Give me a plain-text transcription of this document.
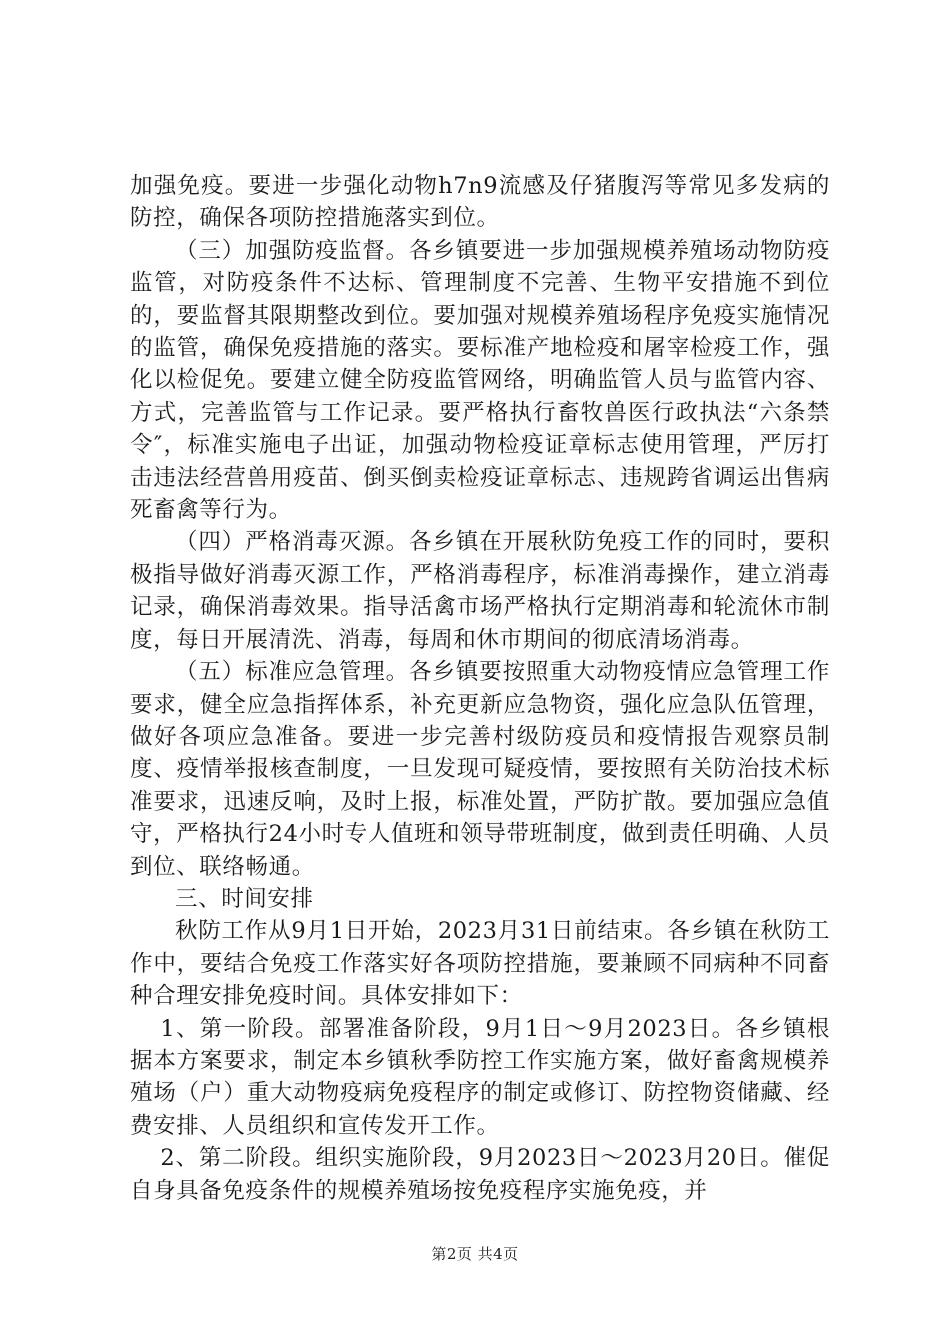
加强免疫。要进一步强化动物h7n9流感及仔猪腹泻等常见多发病的防控，确保各项防控措施落实到位。

（三）加强防疫监督。各乡镇要进一步加强规模养殖场动物防疫监管，对防疫条件不达标、管理制度不完善、生物平安措施不到位的，要监督其限期整改到位。要加强对规模养殖场程序免疫实施情况的监管，确保免疫措施的落实。要标准产地检疫和屠宰检疫工作，强化以检促免。要建立健全防疫监管网络，明确监管人员与监管内容、方式，完善监管与工作记录。要严格执行畜牧兽医行政执法“六条禁令″，标准实施电子出证，加强动物检疫证章标志使用管理，严厉打击违法经营兽用疫苗、倒买倒卖检疫证章标志、违规跨省调运出售病死畜禽等行为。

（四）严格消毒灭源。各乡镇在开展秋防免疫工作的同时，要积极指导做好消毒灭源工作，严格消毒程序，标准消毒操作，建立消毒记录，确保消毒效果。指导活禽市场严格执行定期消毒和轮流休市制度，每日开展清洗、消毒，每周和休市期间的彻底清场消毒。

（五）标准应急管理。各乡镇要按照重大动物疫情应急管理工作要求，健全应急指挥体系，补充更新应急物资，强化应急队伍管理，做好各项应急准备。要进一步完善村级防疫员和疫情报告观察员制度、疫情举报核查制度，一旦发现可疑疫情，要按照有关防治技术标准要求，迅速反响，及时上报，标准处置，严防扩散。要加强应急值守，严格执行24小时专人值班和领导带班制度，做到责任明确、人员到位、联络畅通。

三、时间安排

秋防工作从9月1日开始，2023月31日前结束。各乡镇在秋防工作中，要结合免疫工作落实好各项防控措施，要兼顾不同病种不同畜种合理安排免疫时间。具体安排如下：

1、第一阶段。部署准备阶段，9月1日～9月2023日。各乡镇根据本方案要求，制定本乡镇秋季防控工作实施方案，做好畜禽规模养殖场（户）重大动物疫病免疫程序的制定或修订、防控物资储藏、经费安排、人员组织和宣传发开工作。

2、第二阶段。组织实施阶段，9月2023日～2023月20日。催促自身具备免疫条件的规模养殖场按免疫程序实施免疫，并

第2页 共4页
